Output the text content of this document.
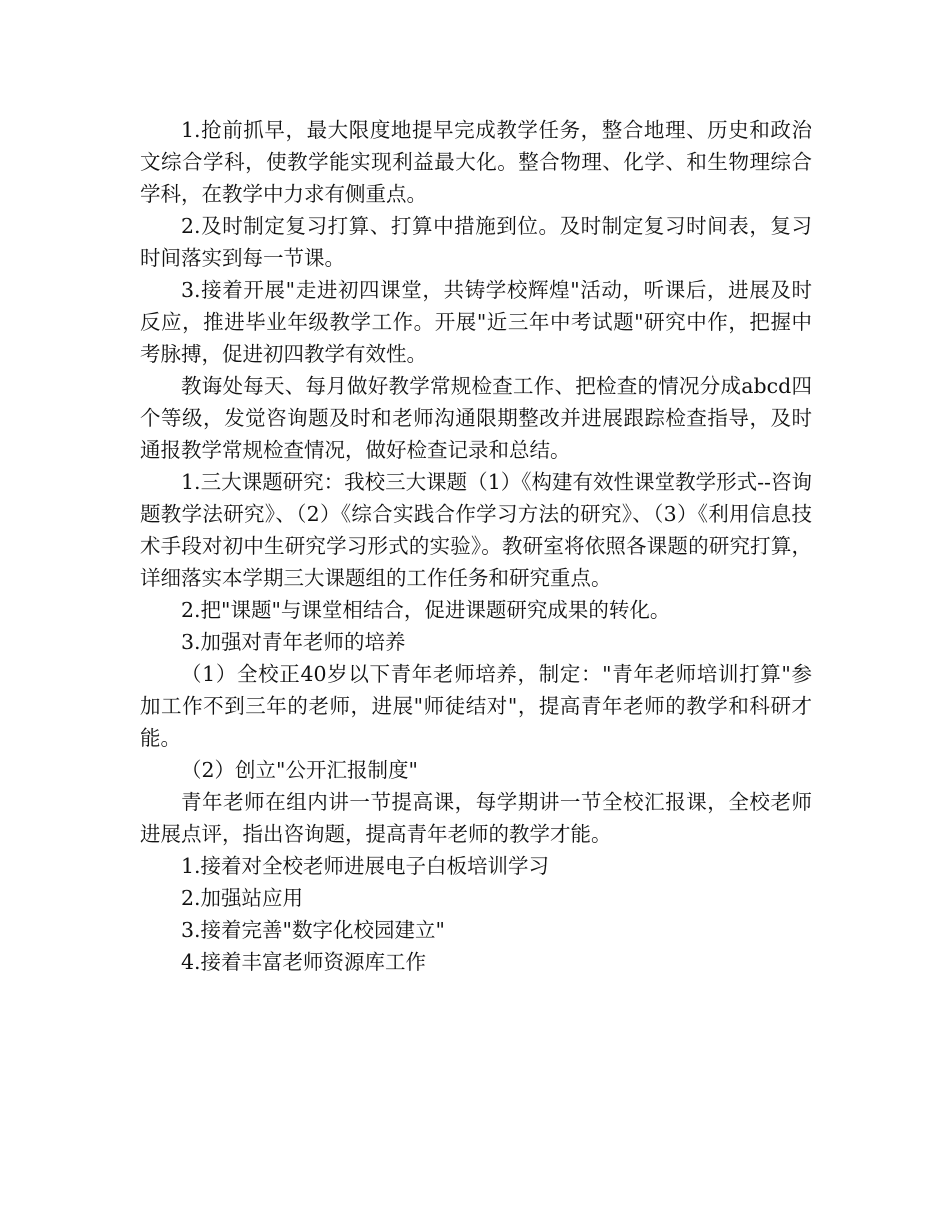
1.抢前抓早，最大限度地提早完成教学任务，整合地理、历史和政治文综合学科，使教学能实现利益最大化。整合物理、化学、和生物理综合学科，在教学中力求有侧重点。

2.及时制定复习打算、打算中措施到位。及时制定复习时间表，复习时间落实到每一节课。

3.接着开展"走进初四课堂，共铸学校辉煌"活动，听课后，进展及时反应，推进毕业年级教学工作。开展"近三年中考试题"研究中作，把握中考脉搏，促进初四教学有效性。

教诲处每天、每月做好教学常规检查工作、把检查的情况分成abcd四个等级，发觉咨询题及时和老师沟通限期整改并进展跟踪检查指导，及时通报教学常规检查情况，做好检查记录和总结。

1.三大课题研究：我校三大课题（1）《构建有效性课堂教学形式--咨询题教学法研究》、（2）《综合实践合作学习方法的研究》、（3）《利用信息技术手段对初中生研究学习形式的实验》。教研室将依照各课题的研究打算，详细落实本学期三大课题组的工作任务和研究重点。

2.把"课题"与课堂相结合，促进课题研究成果的转化。

3.加强对青年老师的培养

（1）全校正40岁以下青年老师培养，制定："青年老师培训打算"参加工作不到三年的老师，进展"师徒结对"，提高青年老师的教学和科研才能。

（2）创立"公开汇报制度"

青年老师在组内讲一节提高课，每学期讲一节全校汇报课，全校老师进展点评，指出咨询题，提高青年老师的教学才能。

1.接着对全校老师进展电子白板培训学习

2.加强站应用

3.接着完善"数字化校园建立"

4.接着丰富老师资源库工作
